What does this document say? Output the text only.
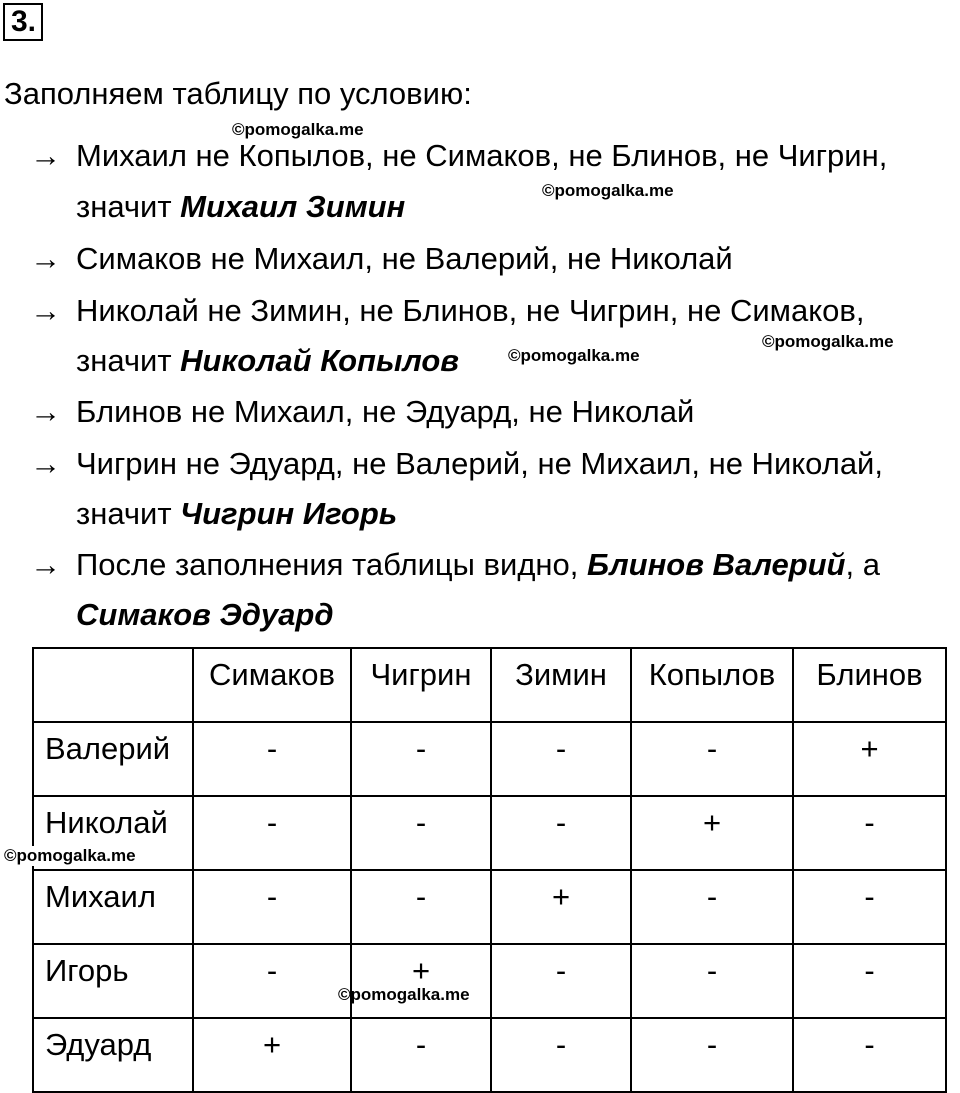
3.
Заполняем таблицу по условию:
→ Михаил не Копылов, не Симаков, не Блинов, не Чигрин,
значит Михаил Зимин
→ Симаков не Михаил, не Валерий, не Николай
→ Николай не Зимин, не Блинов, не Чигрин, не Симаков,
значит Николай Копылов
→ Блинов не Михаил, не Эдуард, не Николай
→ Чигрин не Эдуард, не Валерий, не Михаил, не Николай,
значит Чигрин Игорь
→ После заполнения таблицы видно, Блинов Валерий, а
Симаков Эдуард
©pomogalka.me
©pomogalka.me
©pomogalka.me
©pomogalka.me
	Симаков	Чигрин	Зимин	Копылов	Блинов
Валерий	-	-	-	-	+
Николай	-	-	-	+	-
Михаил	-	-	+	-	-
Игорь	-	+	-	-	-
Эдуард	+	-	-	-	-
©pomogalka.me
©pomogalka.me
